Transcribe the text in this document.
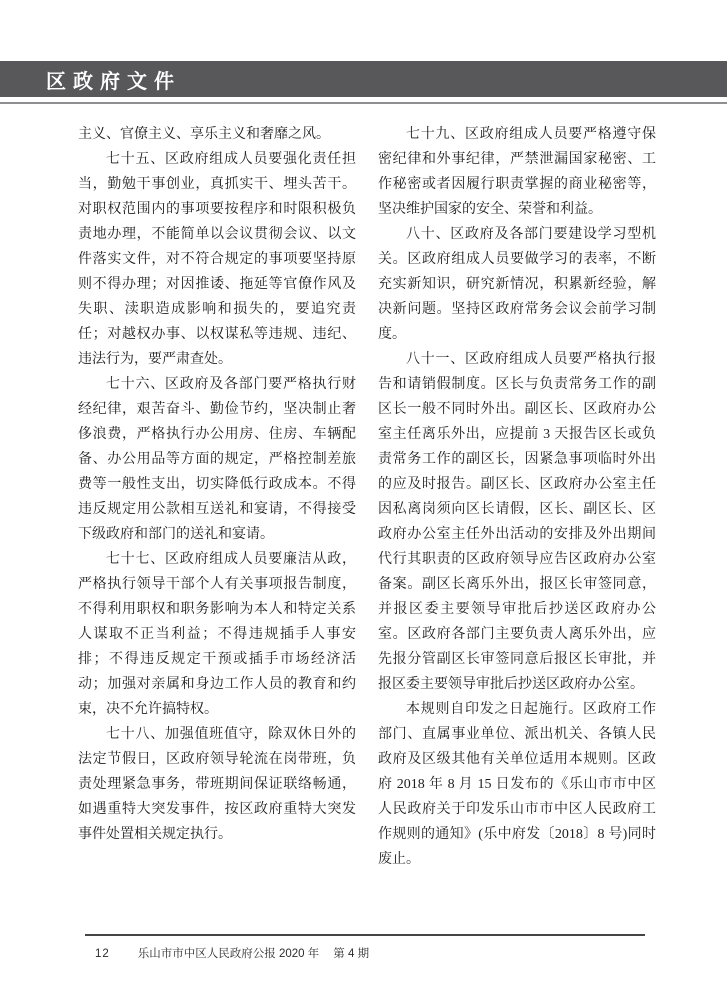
区政府文件

主义、官僚主义、享乐主义和奢靡之风。

七十五、区政府组成人员要强化责任担当，勤勉干事创业，真抓实干、埋头苦干。对职权范围内的事项要按程序和时限积极负责地办理，不能简单以会议贯彻会议、以文件落实文件，对不符合规定的事项要坚持原则不得办理；对因推诿、拖延等官僚作风及失职、渎职造成影响和损失的，要追究责任；对越权办事、以权谋私等违规、违纪、违法行为，要严肃查处。

七十六、区政府及各部门要严格执行财经纪律，艰苦奋斗、勤俭节约，坚决制止奢侈浪费，严格执行办公用房、住房、车辆配备、办公用品等方面的规定，严格控制差旅费等一般性支出，切实降低行政成本。不得违反规定用公款相互送礼和宴请，不得接受下级政府和部门的送礼和宴请。

七十七、区政府组成人员要廉洁从政，严格执行领导干部个人有关事项报告制度，不得利用职权和职务影响为本人和特定关系人谋取不正当利益；不得违规插手人事安排；不得违反规定干预或插手市场经济活动；加强对亲属和身边工作人员的教育和约束，决不允许搞特权。

七十八、加强值班值守，除双休日外的法定节假日，区政府领导轮流在岗带班，负责处理紧急事务，带班期间保证联络畅通，如遇重特大突发事件，按区政府重特大突发事件处置相关规定执行。

七十九、区政府组成人员要严格遵守保密纪律和外事纪律，严禁泄漏国家秘密、工作秘密或者因履行职责掌握的商业秘密等，坚决维护国家的安全、荣誉和利益。

八十、区政府及各部门要建设学习型机关。区政府组成人员要做学习的表率，不断充实新知识，研究新情况，积累新经验，解决新问题。坚持区政府常务会议会前学习制度。

八十一、区政府组成人员要严格执行报告和请销假制度。区长与负责常务工作的副区长一般不同时外出。副区长、区政府办公室主任离乐外出，应提前 3 天报告区长或负责常务工作的副区长，因紧急事项临时外出的应及时报告。副区长、区政府办公室主任因私离岗须向区长请假，区长、副区长、区政府办公室主任外出活动的安排及外出期间代行其职责的区政府领导应告区政府办公室备案。副区长离乐外出，报区长审签同意，并报区委主要领导审批后抄送区政府办公室。区政府各部门主要负责人离乐外出，应先报分管副区长审签同意后报区长审批，并报区委主要领导审批后抄送区政府办公室。

本规则自印发之日起施行。区政府工作部门、直属事业单位、派出机关、各镇人民政府及区级其他有关单位适用本规则。区政府 2018 年 8 月 15 日发布的《乐山市市中区人民政府关于印发乐山市市中区人民政府工作规则的通知》(乐中府发〔2018〕8 号)同时废止。

12 乐山市市中区人民政府公报 2020 年 第 4 期
